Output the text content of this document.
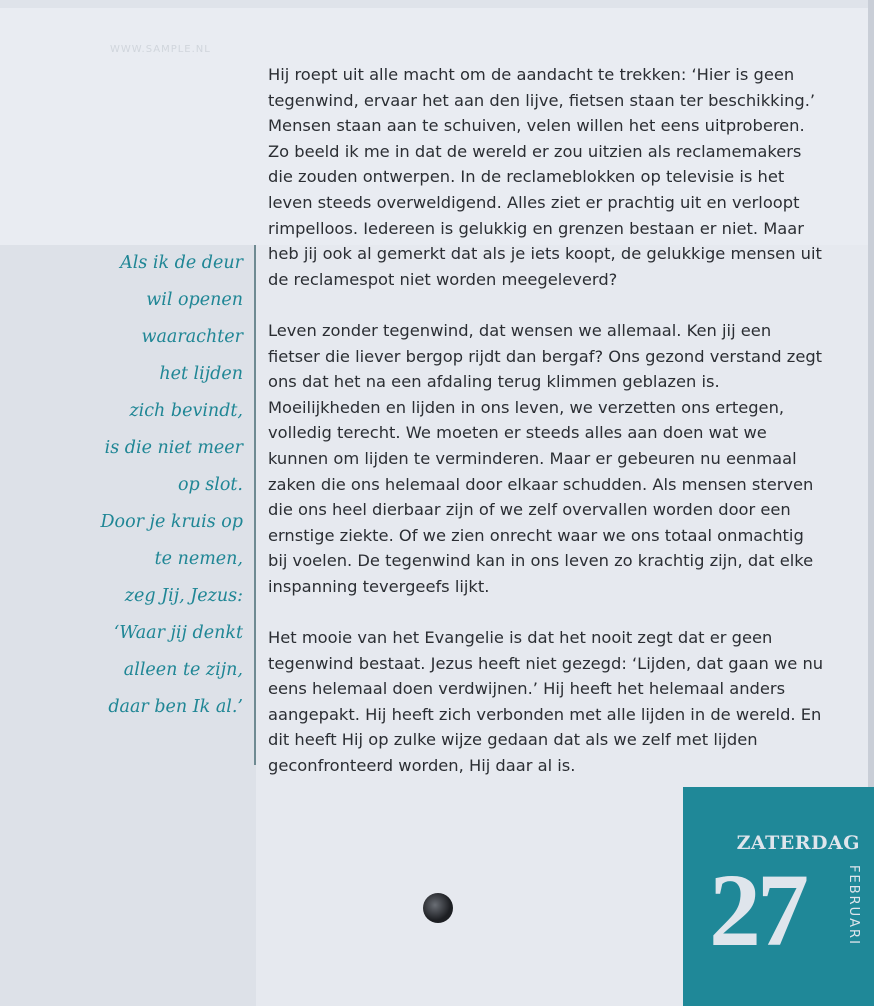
WWW.SAMPLE.NL

Hij roept uit alle macht om de aandacht te trekken: ‘Hier is geen tegenwind, ervaar het aan den lijve, fietsen staan ter beschikking.’ Mensen staan aan te schuiven, velen willen het eens uitproberen. Zo beeld ik me in dat de wereld er zou uitzien als reclamemakers die zouden ontwerpen. In de reclameblokken op televisie is het leven steeds overweldigend. Alles ziet er prachtig uit en verloopt rimpelloos. Iedereen is gelukkig en grenzen bestaan er niet. Maar heb jij ook al gemerkt dat als je iets koopt, de gelukkige mensen uit de reclamespot niet worden meegeleverd?

Leven zonder tegenwind, dat wensen we allemaal. Ken jij een fietser die liever bergop rijdt dan bergaf? Ons gezond verstand zegt ons dat het na een afdaling terug klimmen geblazen is. Moeilijkheden en lijden in ons leven, we verzetten ons ertegen, volledig terecht. We moeten er steeds alles aan doen wat we kunnen om lijden te verminderen. Maar er gebeuren nu eenmaal zaken die ons helemaal door elkaar schudden. Als mensen sterven die ons heel dierbaar zijn of we zelf overvallen worden door een ernstige ziekte. Of we zien onrecht waar we ons totaal onmachtig bij voelen. De tegenwind kan in ons leven zo krachtig zijn, dat elke inspanning tevergeefs lijkt.

Het mooie van het Evangelie is dat het nooit zegt dat er geen tegenwind bestaat. Jezus heeft niet gezegd: ‘Lijden, dat gaan we nu eens helemaal doen verdwijnen.’ Hij heeft het helemaal anders aangepakt. Hij heeft zich verbonden met alle lijden in de wereld. En dit heeft Hij op zulke wijze gedaan dat als we zelf met lijden geconfronteerd worden, Hij daar al is.

Als ik de deur
wil openen
waarachter
het lijden
zich bevindt,
is die niet meer
op slot.
Door je kruis op
te nemen,
zeg Jij, Jezus:
‘Waar jij denkt
alleen te zijn,
daar ben Ik al.’
ZATERDAG
27	FEBRUARI
